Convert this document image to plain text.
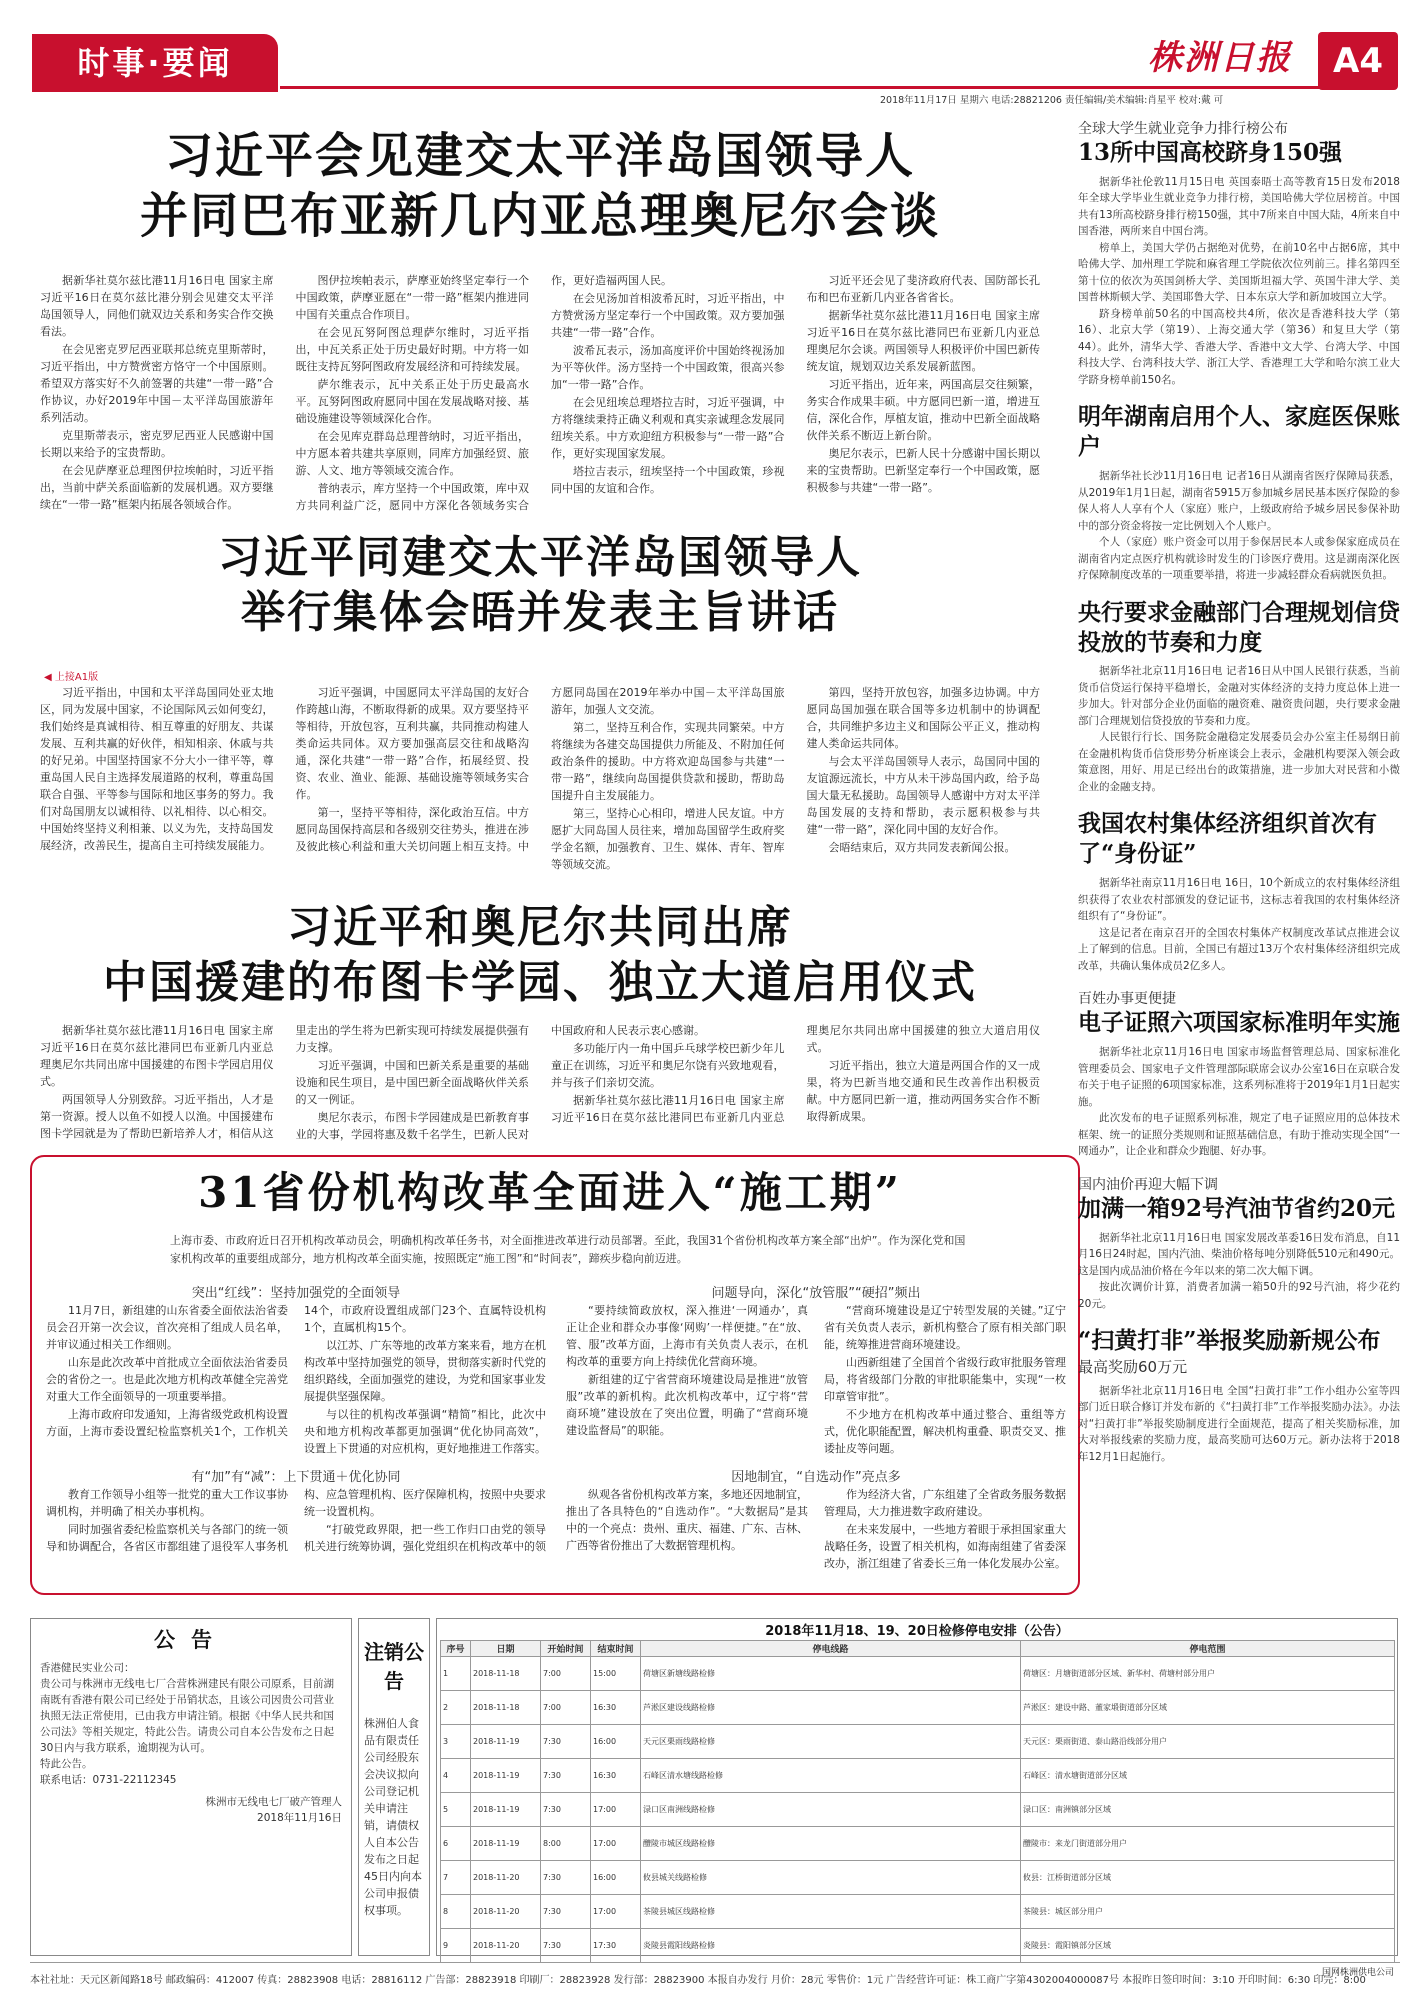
时事·要闻	株洲日报	A4
2018年11月17日 星期六 电话:28821206 责任编辑/美术编辑:肖星平 校对:戴 可
习近平会见建交太平洋岛国领导人
并同巴布亚新几内亚总理奥尼尔会谈

据新华社莫尔兹比港11月16日电 国家主席习近平16日在莫尔兹比港分别会见建交太平洋岛国领导人，同他们就双边关系和务实合作交换看法。

在会见密克罗尼西亚联邦总统克里斯蒂时，习近平指出，中方赞赏密方恪守一个中国原则。希望双方落实好不久前签署的共建“一带一路”合作协议，办好2019年中国－太平洋岛国旅游年系列活动。

克里斯蒂表示，密克罗尼西亚人民感谢中国长期以来给予的宝贵帮助。

在会见萨摩亚总理图伊拉埃帕时，习近平指出，当前中萨关系面临新的发展机遇。双方要继续在“一带一路”框架内拓展各领域合作。

图伊拉埃帕表示，萨摩亚始终坚定奉行一个中国政策，萨摩亚愿在“一带一路”框架内推进同中国有关重点合作项目。

在会见瓦努阿图总理萨尔维时，习近平指出，中瓦关系正处于历史最好时期。中方将一如既往支持瓦努阿图政府发展经济和可持续发展。

萨尔维表示，瓦中关系正处于历史最高水平。瓦努阿图政府愿同中国在发展战略对接、基础设施建设等领域深化合作。

在会见库克群岛总理普纳时，习近平指出，中方愿本着共建共享原则，同库方加强经贸、旅游、人文、地方等领域交流合作。

普纳表示，库方坚持一个中国政策，库中双方共同利益广泛，愿同中方深化各领域务实合作，更好造福两国人民。

在会见汤加首相波希瓦时，习近平指出，中方赞赏汤方坚定奉行一个中国政策。双方要加强共建“一带一路”合作。

波希瓦表示，汤加高度评价中国始终视汤加为平等伙伴。汤方坚持一个中国政策，很高兴参加“一带一路”合作。

在会见纽埃总理塔拉吉时，习近平强调，中方将继续秉持正确义利观和真实亲诚理念发展同纽埃关系。中方欢迎纽方积极参与“一带一路”合作，更好实现国家发展。

塔拉吉表示，纽埃坚持一个中国政策，珍视同中国的友谊和合作。

习近平还会见了斐济政府代表、国防部长孔布和巴布亚新几内亚各省省长。

据新华社莫尔兹比港11月16日电 国家主席习近平16日在莫尔兹比港同巴布亚新几内亚总理奥尼尔会谈。两国领导人积极评价中国巴新传统友谊，规划双边关系发展新蓝图。

习近平指出，近年来，两国高层交往频繁，务实合作成果丰硕。中方愿同巴新一道，增进互信，深化合作，厚植友谊，推动中巴新全面战略伙伴关系不断迈上新台阶。

奥尼尔表示，巴新人民十分感谢中国长期以来的宝贵帮助。巴新坚定奉行一个中国政策，愿积极参与共建“一带一路”。

习近平同建交太平洋岛国领导人
举行集体会晤并发表主旨讲话
◀ 上接A1版

习近平指出，中国和太平洋岛国同处亚太地区，同为发展中国家，不论国际风云如何变幻，我们始终是真诚相待、相互尊重的好朋友、共谋发展、互利共赢的好伙伴，相知相亲、休戚与共的好兄弟。中国坚持国家不分大小一律平等，尊重岛国人民自主选择发展道路的权利，尊重岛国联合自强、平等参与国际和地区事务的努力。我们对岛国朋友以诚相待、以礼相待、以心相交。中国始终坚持义利相兼、以义为先，支持岛国发展经济，改善民生，提高自主可持续发展能力。

习近平强调，中国愿同太平洋岛国的友好合作跨越山海，不断取得新的成果。双方要坚持平等相待，开放包容，互利共赢，共同推动构建人类命运共同体。双方要加强高层交往和战略沟通，深化共建“一带一路”合作，拓展经贸、投资、农业、渔业、能源、基础设施等领域务实合作。

第一，坚持平等相待，深化政治互信。中方愿同岛国保持高层和各级别交往势头，推进在涉及彼此核心利益和重大关切问题上相互支持。中方愿同岛国在2019年举办中国－太平洋岛国旅游年，加强人文交流。

第二，坚持互利合作，实现共同繁荣。中方将继续为各建交岛国提供力所能及、不附加任何政治条件的援助。中方将欢迎岛国参与共建“一带一路”，继续向岛国提供贷款和援助，帮助岛国提升自主发展能力。

第三，坚持心心相印，增进人民友谊。中方愿扩大同岛国人员往来，增加岛国留学生政府奖学金名额，加强教育、卫生、媒体、青年、智库等领域交流。

第四，坚持开放包容，加强多边协调。中方愿同岛国加强在联合国等多边机制中的协调配合，共同维护多边主义和国际公平正义，推动构建人类命运共同体。

与会太平洋岛国领导人表示，岛国同中国的友谊源远流长，中方从未干涉岛国内政，给予岛国大量无私援助。岛国领导人感谢中方对太平洋岛国发展的支持和帮助，表示愿积极参与共建“一带一路”，深化同中国的友好合作。

会晤结束后，双方共同发表新闻公报。

习近平和奥尼尔共同出席
中国援建的布图卡学园、独立大道启用仪式

据新华社莫尔兹比港11月16日电 国家主席习近平16日在莫尔兹比港同巴布亚新几内亚总理奥尼尔共同出席中国援建的布图卡学园启用仪式。

两国领导人分别致辞。习近平指出，人才是第一资源。授人以鱼不如授人以渔。中国援建布图卡学园就是为了帮助巴新培养人才，相信从这里走出的学生将为巴新实现可持续发展提供强有力支撑。

习近平强调，中国和巴新关系是重要的基础设施和民生项目，是中国巴新全面战略伙伴关系的又一例证。

奥尼尔表示，布图卡学园建成是巴新教育事业的大事，学园将惠及数千名学生，巴新人民对中国政府和人民表示衷心感谢。

多功能厅内一角中国乒乓球学校巴新少年儿童正在训练，习近平和奥尼尔饶有兴致地观看，并与孩子们亲切交流。

据新华社莫尔兹比港11月16日电 国家主席习近平16日在莫尔兹比港同巴布亚新几内亚总理奥尼尔共同出席中国援建的独立大道启用仪式。

习近平指出，独立大道是两国合作的又一成果，将为巴新当地交通和民生改善作出积极贡献。中方愿同巴新一道，推动两国务实合作不断取得新成果。

31省份机构改革全面进入“施工期”
上海市委、市政府近日召开机构改革动员会，明确机构改革任务书，对全面推进改革进行动员部署。至此，我国31个省份机构改革方案全部“出炉”。作为深化党和国家机构改革的重要组成部分，地方机构改革全面实施，按照既定“施工图”和“时间表”，蹄疾步稳向前迈进。
突出“红线”：坚持加强党的全面领导

11月7日，新组建的山东省委全面依法治省委员会召开第一次会议，首次亮相了组成人员名单，并审议通过相关工作细则。

山东是此次改革中首批成立全面依法治省委员会的省份之一。也是此次地方机构改革健全完善党对重大工作全面领导的一项重要举措。

上海市政府印发通知，上海省级党政机构设置方面，上海市委设置纪检监察机关1个，工作机关14个，市政府设置组成部门23个、直属特设机构1个，直属机构15个。

以江苏、广东等地的改革方案来看，地方在机构改革中坚持加强党的领导，贯彻落实新时代党的组织路线，全面加强党的建设，为党和国家事业发展提供坚强保障。

与以往的机构改革强调“精简”相比，此次中央和地方机构改革都更加强调“优化协同高效”，设置上下贯通的对应机构，更好地推进工作落实。

有“加”有“减”：上下贯通＋优化协同

教育工作领导小组等一批党的重大工作议事协调机构，并明确了相关办事机构。

同时加强省委纪检监察机关与各部门的统一领导和协调配合，各省区市都组建了退役军人事务机构、应急管理机构、医疗保障机构，按照中央要求统一设置机构。

“打破党政界限，把一些工作归口由党的领导机关进行统筹协调，强化党组织在机构改革中的领

问题导向，深化“放管服”“硬招”频出

“要持续简政放权，深入推进‘一网通办’，真正让企业和群众办事像‘网购’一样便捷。”在“放、管、服”改革方面，上海市有关负责人表示，在机构改革的重要方向上持续优化营商环境。

新组建的辽宁省营商环境建设局是推进“放管服”改革的新机构。此次机构改革中，辽宁将“营商环境”建设放在了突出位置，明确了“营商环境建设监督局”的职能。

“营商环境建设是辽宁转型发展的关键。”辽宁省有关负责人表示，新机构整合了原有相关部门职能，统筹推进营商环境建设。

山西新组建了全国首个省级行政审批服务管理局，将省级部门分散的审批职能集中，实现“一枚印章管审批”。

不少地方在机构改革中通过整合、重组等方式，优化职能配置，解决机构重叠、职责交叉、推诿扯皮等问题。

因地制宜，“自选动作”亮点多

纵观各省份机构改革方案，多地还因地制宜，推出了各具特色的“自选动作”。“大数据局”是其中的一个亮点：贵州、重庆、福建、广东、吉林、广西等省份推出了大数据管理机构。

作为经济大省，广东组建了全省政务服务数据管理局，大力推进数字政府建设。

在未来发展中，一些地方着眼于承担国家重大战略任务，设置了相关机构，如海南组建了省委深改办，浙江组建了省委长三角一体化发展办公室。

全球大学生就业竞争力排行榜公布
13所中国高校跻身150强

据新华社伦敦11月15日电 英国泰晤士高等教育15日发布2018年全球大学毕业生就业竞争力排行榜，美国哈佛大学位居榜首。中国共有13所高校跻身排行榜150强，其中7所来自中国大陆，4所来自中国香港，两所来自中国台湾。

榜单上，美国大学仍占据绝对优势，在前10名中占据6席，其中哈佛大学、加州理工学院和麻省理工学院依次位列前三。排名第四至第十位的依次为英国剑桥大学、美国斯坦福大学、英国牛津大学、美国普林斯顿大学、美国耶鲁大学、日本东京大学和新加坡国立大学。

跻身榜单前50名的中国高校共4所，依次是香港科技大学（第16）、北京大学（第19）、上海交通大学（第36）和复旦大学（第44）。此外，清华大学、香港大学、香港中文大学、台湾大学、中国科技大学、台湾科技大学、浙江大学、香港理工大学和哈尔滨工业大学跻身榜单前150名。

明年湖南启用个人、家庭医保账户

据新华社长沙11月16日电 记者16日从湖南省医疗保障局获悉，从2019年1月1日起，湖南省5915万参加城乡居民基本医疗保险的参保人将人人享有个人（家庭）账户，上级政府给予城乡居民参保补助中的部分资金将按一定比例划入个人账户。

个人（家庭）账户资金可以用于参保居民本人或参保家庭成员在湖南省内定点医疗机构就诊时发生的门诊医疗费用。这是湖南深化医疗保障制度改革的一项重要举措，将进一步减轻群众看病就医负担。

央行要求金融部门合理规划信贷投放的节奏和力度

据新华社北京11月16日电 记者16日从中国人民银行获悉，当前货币信贷运行保持平稳增长，金融对实体经济的支持力度总体上进一步加大。针对部分企业仍面临的融资难、融资贵问题，央行要求金融部门合理规划信贷投放的节奏和力度。

人民银行行长、国务院金融稳定发展委员会办公室主任易纲日前在金融机构货币信贷形势分析座谈会上表示，金融机构要深入领会政策意图，用好、用足已经出台的政策措施，进一步加大对民营和小微企业的金融支持。

我国农村集体经济组织首次有了“身份证”

据新华社南京11月16日电 16日，10个新成立的农村集体经济组织获得了农业农村部颁发的登记证书，这标志着我国的农村集体经济组织有了“身份证”。

这是记者在南京召开的全国农村集体产权制度改革试点推进会议上了解到的信息。目前，全国已有超过13万个农村集体经济组织完成改革，共确认集体成员2亿多人。

百姓办事更便捷
电子证照六项国家标准明年实施

据新华社北京11月16日电 国家市场监督管理总局、国家标准化管理委员会、国家电子文件管理部际联席会议办公室16日在京联合发布关于电子证照的6项国家标准，这系列标准将于2019年1月1日起实施。

此次发布的电子证照系列标准，规定了电子证照应用的总体技术框架、统一的证照分类规则和证照基础信息，有助于推动实现全国“一网通办”，让企业和群众少跑腿、好办事。

国内油价再迎大幅下调
加满一箱92号汽油节省约20元

据新华社北京11月16日电 国家发展改革委16日发布消息，自11月16日24时起，国内汽油、柴油价格每吨分别降低510元和490元。这是国内成品油价格在今年以来的第二次大幅下调。

按此次调价计算，消费者加满一箱50升的92号汽油，将少花约20元。

“扫黄打非”举报奖励新规公布
最高奖励60万元

据新华社北京11月16日电 全国“扫黄打非”工作小组办公室等四部门近日联合修订并发布新的《“扫黄打非”工作举报奖励办法》。办法对“扫黄打非”举报奖励制度进行全面规范，提高了相关奖励标准，加大对举报线索的奖励力度，最高奖励可达60万元。新办法将于2018年12月1日起施行。

公告

香港健民实业公司：

贵公司与株洲市无线电七厂合营株洲建民有限公司原系，目前湖南既有香港有限公司已经处于吊销状态，且该公司因贵公司营业执照无法正常使用，已由我方申请注销。根据《中华人民共和国公司法》等相关规定，特此公告。请贵公司自本公告发布之日起30日内与我方联系，逾期视为认可。

特此公告。

联系电话：0731-22112345

株洲市无线电七厂破产管理人
2018年11月16日
注销公告
株洲伯人食品有限责任公司经股东会决议拟向公司登记机关申请注销，请债权人自本公告发布之日起45日内向本公司申报债权事项。
2018年11月18、19、20日检修停电安排（公告）
序号	日期	开始时间	结束时间	停电线路	停电范围
1	2018-11-18	7:00	15:00	荷塘区新塘线路检修	荷塘区：月塘街道部分区域、新华村、荷塘村部分用户
2	2018-11-18	7:00	16:30	芦淞区建设线路检修	芦淞区：建设中路、董家塅街道部分区域
3	2018-11-19	7:30	16:00	天元区栗雨线路检修	天元区：栗雨街道、泰山路沿线部分用户
4	2018-11-19	7:30	16:30	石峰区清水塘线路检修	石峰区：清水塘街道部分区域
5	2018-11-19	7:30	17:00	渌口区南洲线路检修	渌口区：南洲镇部分区域
6	2018-11-19	8:00	17:00	醴陵市城区线路检修	醴陵市：来龙门街道部分用户
7	2018-11-20	7:30	16:00	攸县城关线路检修	攸县：江桥街道部分区域
8	2018-11-20	7:30	17:00	茶陵县城区线路检修	茶陵县：城区部分用户
9	2018-11-20	7:30	17:30	炎陵县霞阳线路检修	炎陵县：霞阳镇部分区域
国网株洲供电公司
本社社址：天元区新闻路18号 邮政编码：412007 传真：28823908 电话：28816112 广告部：28823918 印刷厂：28823928 发行部：28823900 本报自办发行 月价：28元 零售价：1元 广告经营许可证：株工商广字第4302004000087号 本报昨日签印时间：3:10 开印时间：6:30 印完：8:00
